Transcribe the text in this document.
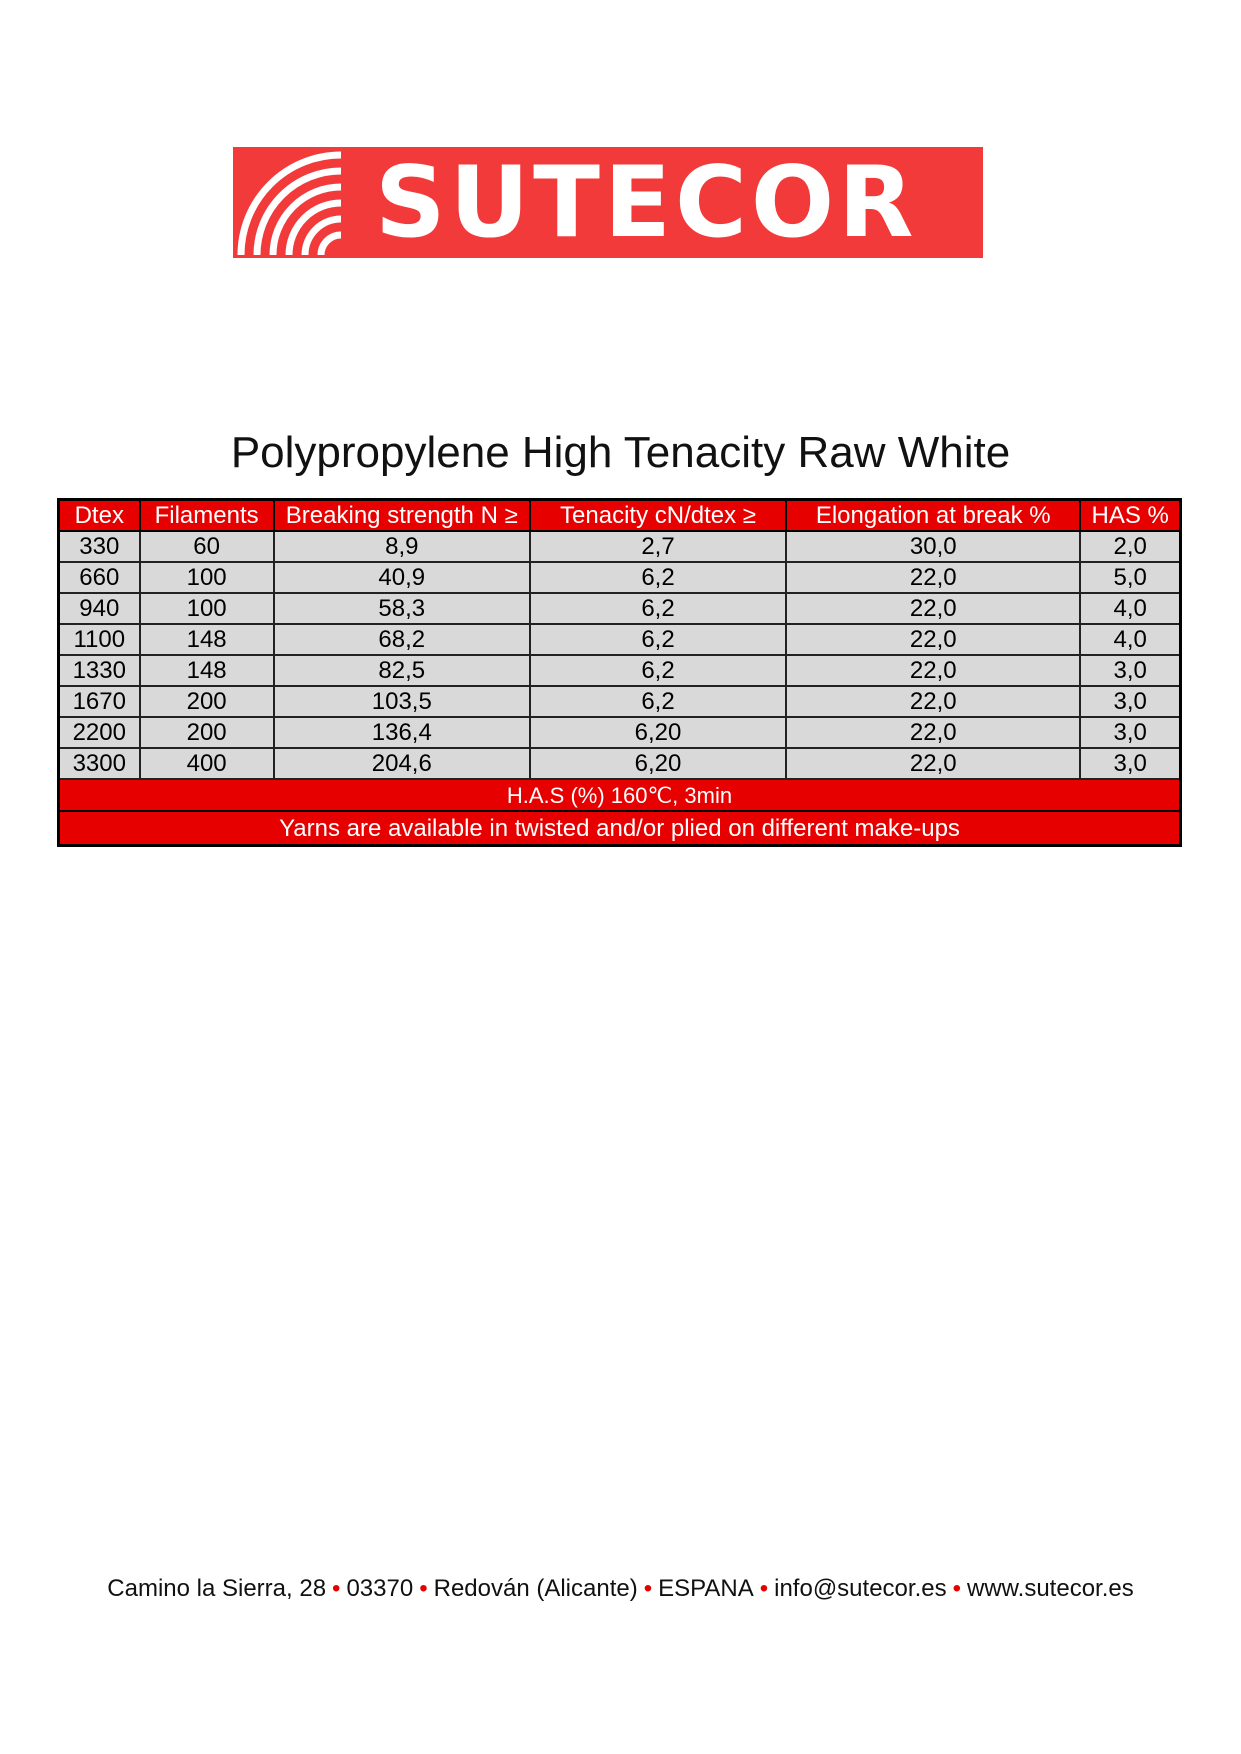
SUTECOR
Polypropylene High Tenacity Raw White
Dtex	Filaments	Breaking strength N ≥	Tenacity cN/dtex ≥	Elongation at break %	HAS %
330	60	8,9	2,7	30,0	2,0
660	100	40,9	6,2	22,0	5,0
940	100	58,3	6,2	22,0	4,0
1100	148	68,2	6,2	22,0	4,0
1330	148	82,5	6,2	22,0	3,0
1670	200	103,5	6,2	22,0	3,0
2200	200	136,4	6,20	22,0	3,0
3300	400	204,6	6,20	22,0	3,0
H.A.S (%) 160℃, 3min					
Yarns are available in twisted and/or plied on different make-ups					
Camino la Sierra, 28 • 03370 • Redován (Alicante) • ESPANA • info@sutecor.es • www.sutecor.es
